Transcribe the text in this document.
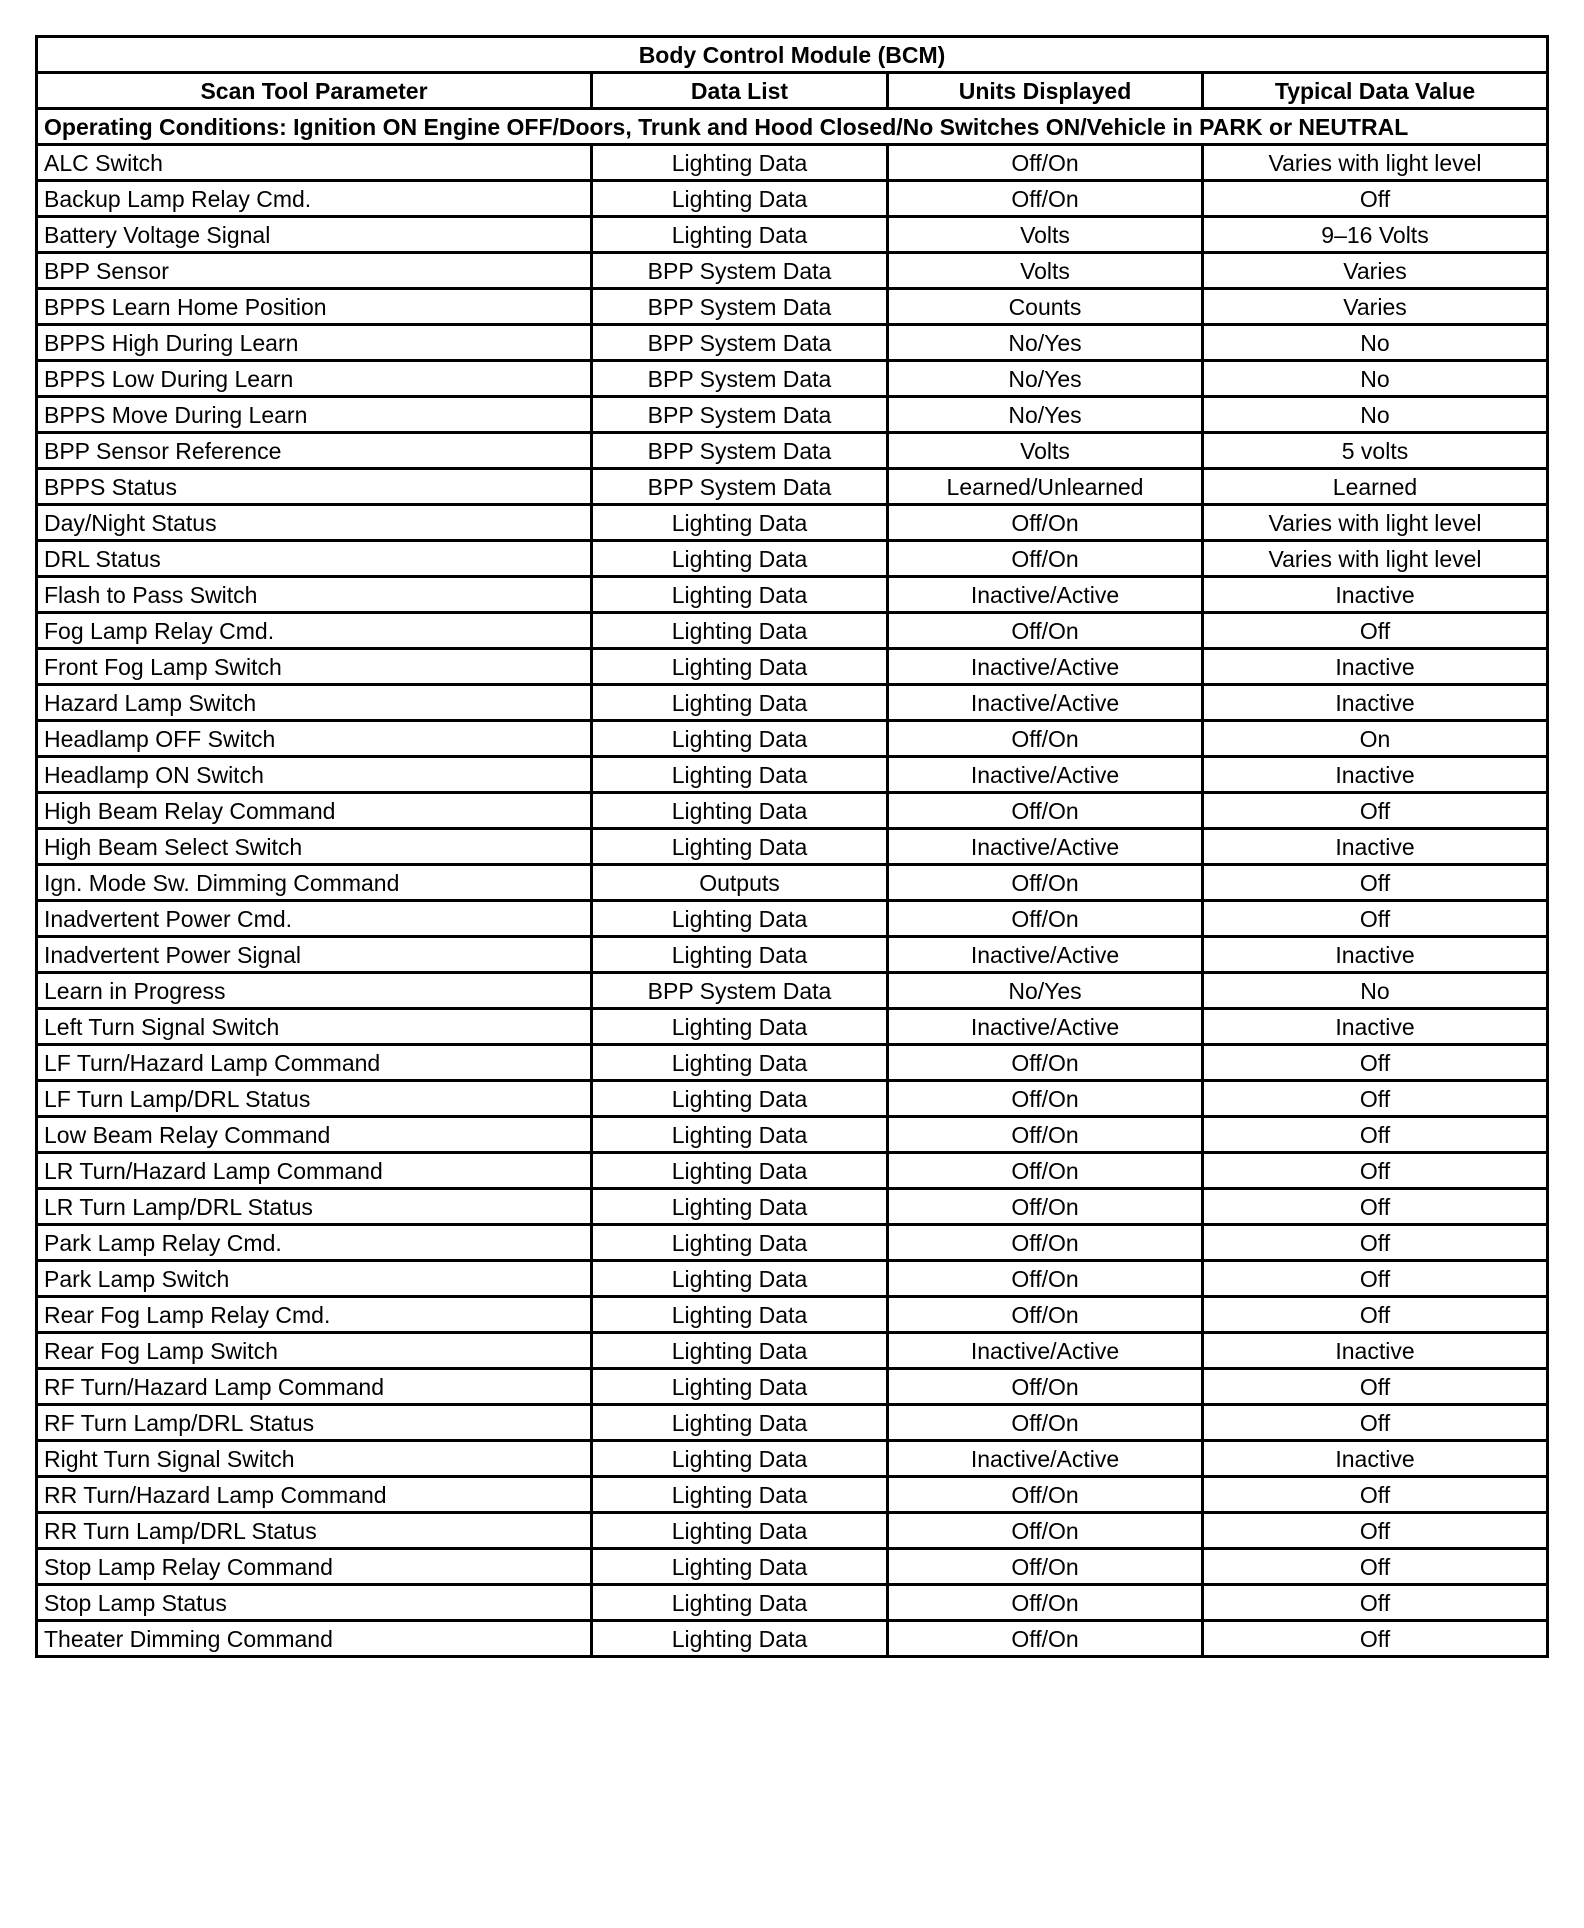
Body Control Module (BCM)			
Scan Tool Parameter	Data List	Units Displayed	Typical Data Value
Operating Conditions: Ignition ON Engine OFF/Doors, Trunk and Hood Closed/No Switches ON/Vehicle in PARK or NEUTRAL			
ALC Switch	Lighting Data	Off/On	Varies with light level
Backup Lamp Relay Cmd.	Lighting Data	Off/On	Off
Battery Voltage Signal	Lighting Data	Volts	9–16 Volts
BPP Sensor	BPP System Data	Volts	Varies
BPPS Learn Home Position	BPP System Data	Counts	Varies
BPPS High During Learn	BPP System Data	No/Yes	No
BPPS Low During Learn	BPP System Data	No/Yes	No
BPPS Move During Learn	BPP System Data	No/Yes	No
BPP Sensor Reference	BPP System Data	Volts	5 volts
BPPS Status	BPP System Data	Learned/Unlearned	Learned
Day/Night Status	Lighting Data	Off/On	Varies with light level
DRL Status	Lighting Data	Off/On	Varies with light level
Flash to Pass Switch	Lighting Data	Inactive/Active	Inactive
Fog Lamp Relay Cmd.	Lighting Data	Off/On	Off
Front Fog Lamp Switch	Lighting Data	Inactive/Active	Inactive
Hazard Lamp Switch	Lighting Data	Inactive/Active	Inactive
Headlamp OFF Switch	Lighting Data	Off/On	On
Headlamp ON Switch	Lighting Data	Inactive/Active	Inactive
High Beam Relay Command	Lighting Data	Off/On	Off
High Beam Select Switch	Lighting Data	Inactive/Active	Inactive
Ign. Mode Sw. Dimming Command	Outputs	Off/On	Off
Inadvertent Power Cmd.	Lighting Data	Off/On	Off
Inadvertent Power Signal	Lighting Data	Inactive/Active	Inactive
Learn in Progress	BPP System Data	No/Yes	No
Left Turn Signal Switch	Lighting Data	Inactive/Active	Inactive
LF Turn/Hazard Lamp Command	Lighting Data	Off/On	Off
LF Turn Lamp/DRL Status	Lighting Data	Off/On	Off
Low Beam Relay Command	Lighting Data	Off/On	Off
LR Turn/Hazard Lamp Command	Lighting Data	Off/On	Off
LR Turn Lamp/DRL Status	Lighting Data	Off/On	Off
Park Lamp Relay Cmd.	Lighting Data	Off/On	Off
Park Lamp Switch	Lighting Data	Off/On	Off
Rear Fog Lamp Relay Cmd.	Lighting Data	Off/On	Off
Rear Fog Lamp Switch	Lighting Data	Inactive/Active	Inactive
RF Turn/Hazard Lamp Command	Lighting Data	Off/On	Off
RF Turn Lamp/DRL Status	Lighting Data	Off/On	Off
Right Turn Signal Switch	Lighting Data	Inactive/Active	Inactive
RR Turn/Hazard Lamp Command	Lighting Data	Off/On	Off
RR Turn Lamp/DRL Status	Lighting Data	Off/On	Off
Stop Lamp Relay Command	Lighting Data	Off/On	Off
Stop Lamp Status	Lighting Data	Off/On	Off
Theater Dimming Command	Lighting Data	Off/On	Off
